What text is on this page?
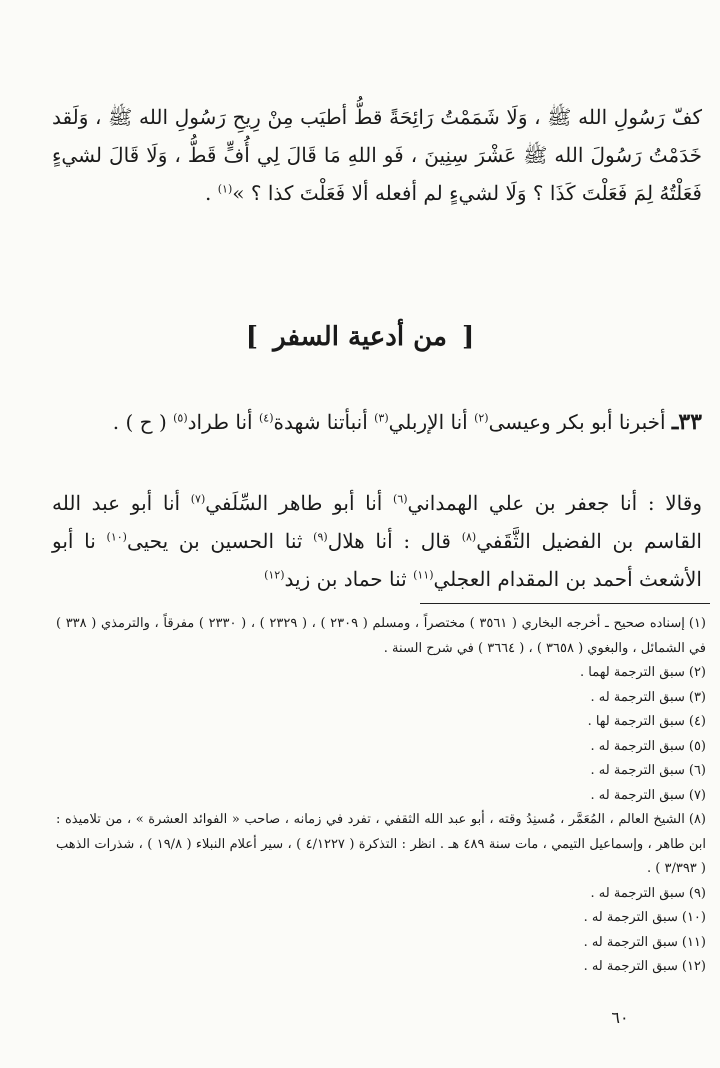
كفّ رَسُولِ الله ﷺ ، وَلَا شَمَمْتُ رَائِحَةً قطُّ أطيَب مِنْ رِيحِ رَسُولِ الله ﷺ ، وَلَقد خَدَمْتُ رَسُولَ الله ﷺ عَشْرَ سِنِينَ ، فَو اللهِ مَا قَالَ لِي أُفٍّ قَطُّ ، وَلَا قَالَ لشيءٍ فَعَلْتُهُ لِمَ فَعَلْتَ كَذَا ؟ وَلَا لشيءٍ لم أفعله ألا فَعَلْتَ كذا ؟ »$^{(١)}$ .

[ من أدعية السفر ]

٣٣ـ أخبرنا أبو بكر وعيسى$^{(٢)}$ أنا الإربلي$^{(٣)}$ أنبأتنا شهدة$^{(٤)}$ أنا طراد$^{(٥)}$ ( ح ) .

وقالا : أنا جعفر بن علي الهمداني$^{(٦)}$ أنا أبو طاهر السِّلَفي$^{(٧)}$ أنا أبو عبد الله القاسم بن الفضيل الثَّقَفي$^{(٨)}$ قال : أنا هلال$^{(٩)}$ ثنا الحسين بن يحيى$^{(١٠)}$ نا أبو الأشعث أحمد بن المقدام العجلي$^{(١١)}$ ثنا حماد بن زيد$^{(١٢)}$

(١)إسناده صحيح ـ أخرجه البخاري ( ٣٥٦١ ) مختصراً ، ومسلم ( ٢٣٠٩ ) ، ( ٢٣٢٩ ) ، ( ٢٣٣٠ ) مفرقاً ، والترمذي ( ٣٣٨ ) في الشمائل ، والبغوي ( ٣٦٥٨ ) ، ( ٣٦٦٤ ) في شرح السنة .

(٢)سبق الترجمة لهما .

(٣)سبق الترجمة له .

(٤)سبق الترجمة لها .

(٥)سبق الترجمة له .

(٦)سبق الترجمة له .

(٧)سبق الترجمة له .

(٨)الشيخ العالم ، المُعَمَّر ، مُسنِدُ وقته ، أبو عبد الله الثقفي ، تفرد في زمانه ، صاحب « الفوائد العشرة » ، من تلاميذه : ابن طاهر ، وإسماعيل التيمي ، مات سنة ٤٨٩ هـ . انظر : التذكرة ( ٤/١٢٢٧ ) ، سير أعلام النبلاء ( ١٩/٨ ) ، شذرات الذهب ( ٣/٣٩٣ ) .

(٩)سبق الترجمة له .

(١٠)سبق الترجمة له .

(١١)سبق الترجمة له .

(١٢)سبق الترجمة له .

٦٠
